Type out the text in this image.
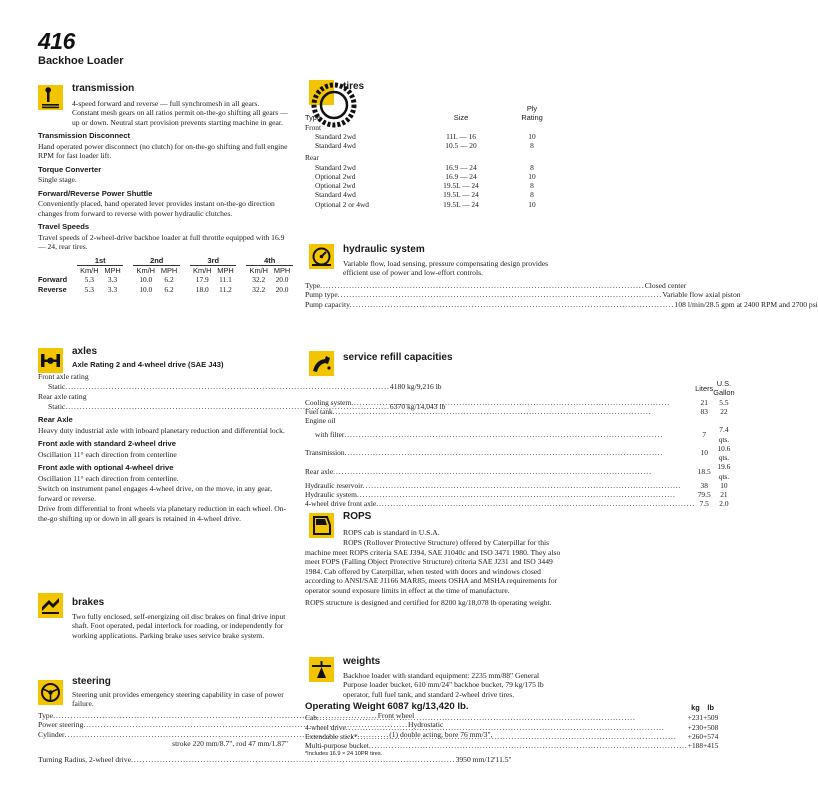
416
Backhoe Loader
transmission

4-speed forward and reverse — full synchromesh in all gears. Constant mesh gears on all ratios permit on-the-go shifting all gears — up or down. Neutral start provision prevents starting machine in gear.

Transmission Disconnect

Hand operated power disconnect (no clutch) for on-the-go shifting and full engine RPM for fast loader lift.

Torque Converter

Single stage.

Forward/Reverse Power Shuttle

Conveniently placed, hand operated lever provides instant on-the-go direction changes from forward to reverse with power hydraulic clutches.

Travel Speeds

Travel speeds of 2-wheel-drive backhoe loader at full throttle equipped with 16.9 — 24, rear tires.

	1st			2nd			3rd			4th	
	Km/H	MPH		Km/H	MPH		Km/H	MPH		Km/H	MPH
Forward	5.3	3.3		10.0	6.2		17.9	11.1		32.2	20.0
Reverse	5.3	3.3		10.0	6.2		18.0	11.2		32.2	20.0
axles
Axle Rating 2 and 4-wheel drive (SAE J43)

Front axle rating

Static .....	4180 kg/9,216 lb

Rear axle rating

Static .....	6370 kg/14,043 lb
Rear Axle

Heavy duty industrial axle with inboard planetary reduction and differential lock.

Front axle with standard 2-wheel drive

Oscillation 11° each direction from centerline

Front axle with optional 4-wheel drive

Oscillation 11° each direction from centerline.

Switch on instrument panel engages 4-wheel drive, on the move, in any gear, forward or reverse.

Drive from differential to front wheels via planetary reduction in each wheel. On-the-go shifting up or down in all gears is retained in 4-wheel drive.

brakes

Two fully enclosed, self-energizing oil disc brakes on final drive input shaft. Foot operated, pedal interlock for roading, or independently for working applications. Parking brake uses service brake system.

steering

Steering unit provides emergency steering capability in case of power failure.

Type .....	Front wheel
Power steering .....	Hydrostatic
Cylinder .....	(1) double acting, bore 76 mm/3",
stroke 220 mm/8.7", rod 47 mm/1.87"
Turning Radius, 2-wheel drive .....	3950 mm/12'11.5"
tires
		Ply
Type	Size	Rating
Front		
Standard 2wd	11L — 16	10
Standard 4wd	10.5 — 20	8
Rear		
Standard 2wd	16.9 — 24	8
Optional 2wd	16.9 — 24	10
Optional 2wd	19.5L — 24	8
Standard 4wd	19.5L — 24	8
Optional 2 or 4wd	19.5L — 24	10
hydraulic system

Variable flow, load sensing, pressure compensating design provides efficient use of power and low-effort controls.

Type .....	Closed center
Pump type .....	Variable flow axial piston
Pump capacity .....	108 l/min/28.5 gpm at 2400 RPM and 2700 psi
service refill capacities
	Liters	U.S. Gallon

Cooling system
.....	21	5.5

Fuel tank
.....	83	22
Engine oil		

with filter
.....	7	7.4 qts.

Transmission
.....	10	10.6 qts.

Rear axle
.....	18.5	19.6 qts.

Hydraulic reservoir
.....	38	10

Hydraulic system
.....	79.5	21

4-wheel drive front axle
.....	7.5	2.0
ROPS

ROPS cab is standard in U.S.A.

ROPS (Rollover Protective Structure) offered by Caterpillar for this machine meet ROPS criteria SAE J394, SAE J1040c and ISO 3471 1980. They also meet FOPS (Falling Object Protective Structure) criteria SAE J231 and ISO 3449 1984. Cab offered by Caterpillar, when tested with doors and windows closed according to ANSI/SAE J1166 MAR85, meets OSHA and MSHA requirements for operator sound exposure limits in effect at the time of manufacture.

ROPS structure is designed and certified for 8200 kg/18,078 lb operating weight.

weights

Backhoe loader with standard equipment: 2235 mm/88" General Purpose loader bucket, 610 mm/24" backhoe bucket, 79 kg/175 lb operator, full fuel tank, and standard 2-wheel drive tires.

Operating Weight 6087 kg/13,420 lb.	kg	lb

Cab
.....	+231	+509

4-wheel drive
.....	+230	+508

Extendable stick*
.....	+260	+574

Multi-purpose bucket
.....	+188	+415
*Includes 16.9 × 24 10PR tires.
